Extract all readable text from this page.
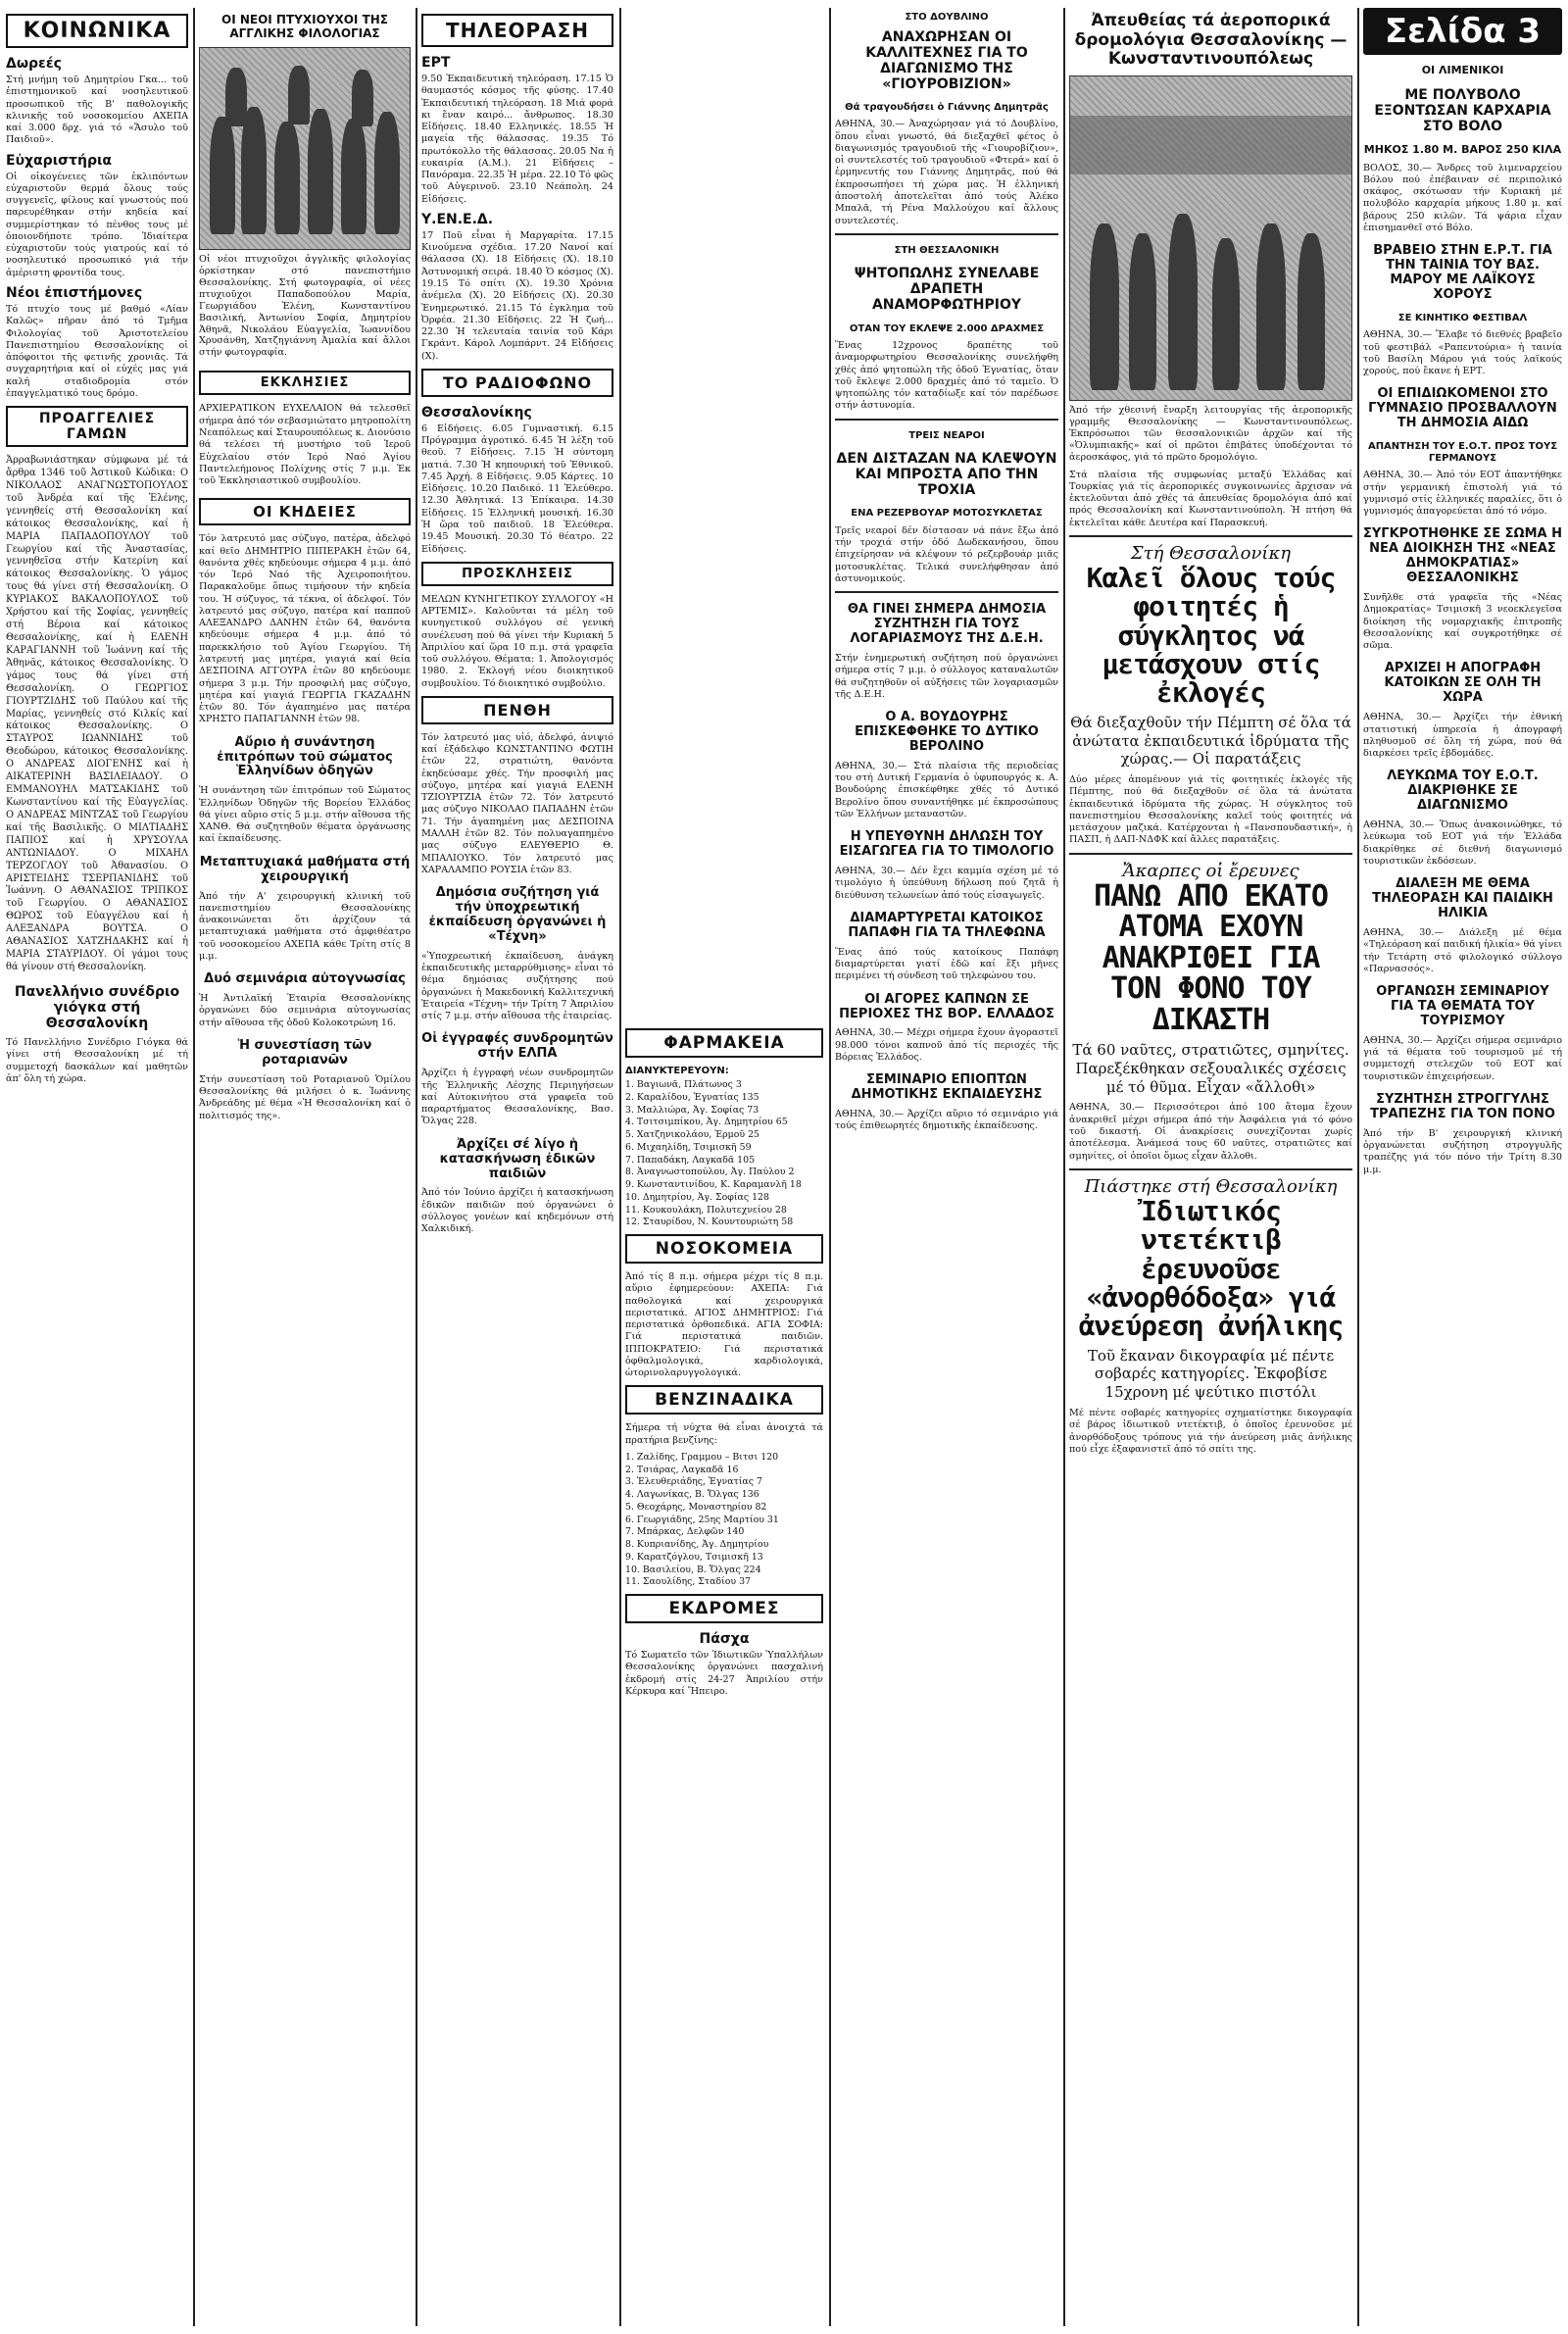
ΚΟΙΝΩΝΙΚΑ
Δωρεές

Στή μνήμη τοῦ Δημητρίου Γκα... τοῦ ἐπιστημονικοῦ καί νοσηλευτικοῦ προσωπικοῦ τῆς Β' παθολογικῆς κλινικῆς τοῦ νοσοκομείου ΑΧΕΠΑ καί 3.000 δρχ. γιά τό «Ἄσυλο τοῦ Παιδιοῦ».

Εὐχαριστήρια

Οἱ οἰκογένειες τῶν ἐκλιπόντων εὐχαριστοῦν θερμά ὅλους τούς συγγενεῖς, φίλους καί γνωστούς πού παρευρέθηκαν στήν κηδεία καί συμμερίστηκαν τό πένθος τους μέ ὁποιονδήποτε τρόπο. Ἰδιαίτερα εὐχαριστοῦν τούς γιατρούς καί τό νοσηλευτικό προσωπικό γιά τήν ἀμέριστη φροντίδα τους.

Νέοι ἐπιστήμονες

Τό πτυχίο τους μέ βαθμό «Λίαν Καλῶς» πῆραν ἀπό τό Τμῆμα Φιλολογίας τοῦ Ἀριστοτελείου Πανεπιστημίου Θεσσαλονίκης οἱ ἀπόφοιτοι τῆς φετινῆς χρονιᾶς. Τά συγχαρητήρια καί οἱ εὐχές μας γιά καλή σταδιοδρομία στόν ἐπαγγελματικό τους δρόμο.

ΠΡΟΑΓΓΕΛΙΕΣ ΓΑΜΩΝ

Ἀρραβωνιάστηκαν σύμφωνα μέ τά ἄρθρα 1346 τοῦ Ἀστικοῦ Κώδικα: Ο ΝΙΚΟΛΑΟΣ ΑΝΑΓΝΩΣΤΟΠΟΥΛΟΣ τοῦ Ἀνδρέα καί τῆς Ἑλένης, γεννηθείς στή Θεσσαλονίκη καί κάτοικος Θεσσαλονίκης, καί ἡ ΜΑΡΙΑ ΠΑΠΑΔΟΠΟΥΛΟΥ τοῦ Γεωργίου καί τῆς Ἀναστασίας, γεννηθεῖσα στήν Κατερίνη καί κάτοικος Θεσσαλονίκης. Ὁ γάμος τους θά γίνει στή Θεσσαλονίκη. Ο ΚΥΡΙΑΚΟΣ ΒΑΚΑΛΟΠΟΥΛΟΣ τοῦ Χρήστου καί τῆς Σοφίας, γεννηθείς στή Βέροια καί κάτοικος Θεσσαλονίκης, καί ἡ ΕΛΕΝΗ ΚΑΡΑΓΙΑΝΝΗ τοῦ Ἰωάννη καί τῆς Ἀθηνᾶς, κάτοικος Θεσσαλονίκης. Ὁ γάμος τους θά γίνει στή Θεσσαλονίκη. Ο ΓΕΩΡΓΙΟΣ ΓΙΟΥΡΤΖΙΔΗΣ τοῦ Παύλου καί τῆς Μαρίας, γεννηθείς στό Κιλκίς καί κάτοικος Θεσσαλονίκης. Ο ΣΤΑΥΡΟΣ ΙΩΑΝΝΙΔΗΣ τοῦ Θεοδώρου, κάτοικος Θεσσαλονίκης. Ο ΑΝΔΡΕΑΣ ΔΙΟΓΕΝΗΣ καί ἡ ΑΙΚΑΤΕΡΙΝΗ ΒΑΣΙΛΕΙΑΔΟΥ. Ο ΕΜΜΑΝΟΥΗΛ ΜΑΤΣΑΚΙΔΗΣ τοῦ Κωνσταντίνου καί τῆς Εὐαγγελίας. Ο ΑΝΔΡΕΑΣ ΜΙΝΤΖΑΣ τοῦ Γεωργίου καί τῆς Βασιλικῆς. Ο ΜΙΛΤΙΑΔΗΣ ΠΑΠΙΟΣ καί ἡ ΧΡΥΣΟΥΛΑ ΑΝΤΩΝΙΑΔΟΥ. Ο ΜΙΧΑΗΛ ΤΕΡΖΟΓΛΟΥ τοῦ Ἀθανασίου. Ο ΑΡΙΣΤΕΙΔΗΣ ΤΣΕΡΠΑΝΙΔΗΣ τοῦ Ἰωάννη. Ο ΑΘΑΝΑΣΙΟΣ ΤΡΙΠΚΟΣ τοῦ Γεωργίου. Ο ΑΘΑΝΑΣΙΟΣ ΘΩΡΟΣ τοῦ Εὐαγγέλου καί ἡ ΑΛΕΞΑΝΔΡΑ ΒΟΥΤΣΑ. Ο ΑΘΑΝΑΣΙΟΣ ΧΑΤΖΗΔΑΚΗΣ καί ἡ ΜΑΡΙΑ ΣΤΑΥΡΙΔΟΥ. Οἱ γάμοι τους θά γίνουν στή Θεσσαλονίκη.

Πανελλήνιο συνέδριο γιόγκα στή Θεσσαλονίκη

Τό Πανελλήνιο Συνέδριο Γιόγκα θά γίνει στή Θεσσαλονίκη μέ τή συμμετοχή δασκάλων καί μαθητῶν ἀπ' ὅλη τή χώρα.

ΟΙ ΝΕΟΙ ΠΤΥΧΙΟΥΧΟΙ ΤΗΣ ΑΓΓΛΙΚΗΣ ΦΙΛΟΛΟΓΙΑΣ

Οἱ νέοι πτυχιοῦχοι ἀγγλικῆς φιλολογίας ὁρκίστηκαν στό πανεπιστήμιο Θεσσαλονίκης. Στή φωτογραφία, οἱ νέες πτυχιοῦχοι Παπαδοπούλου Μαρία, Γεωργιάδου Ἑλένη, Κωνσταντίνου Βασιλική, Ἀντωνίου Σοφία, Δημητρίου Ἀθηνᾶ, Νικολάου Εὐαγγελία, Ἰωαννίδου Χρυσάνθη, Χατζηγιάννη Ἀμαλία καί ἄλλοι στήν φωτογραφία.

ΕΚΚΛΗΣΙΕΣ

ΑΡΧΙΕΡΑΤΙΚΟΝ ΕΥΧΕΛΑΙΟΝ θά τελεσθεῖ σήμερα ἀπό τόν σεβασμιώτατο μητροπολίτη Νεαπόλεως καί Σταυρουπόλεως κ. Διονύσιο θά τελέσει τή μυστήριο τοῦ Ἱεροῦ Εὐχελαίου στόν Ἱερό Ναό Ἁγίου Παντελεήμονος Πολίχνης στίς 7 μ.μ. Ἐκ τοῦ Ἐκκλησιαστικοῦ συμβουλίου.

ΟΙ ΚΗΔΕΙΕΣ

Τόν λατρευτό μας σύζυγο, πατέρα, ἀδελφό καί θεῖο ΔΗΜΗΤΡΙΟ ΠΙΠΕΡΑΚΗ ἐτῶν 64, θανόντα χθές κηδεύουμε σήμερα 4 μ.μ. ἀπό τόν Ἱερό Ναό τῆς Ἀχειροποιήτου. Παρακαλοῦμε ὅπως τιμήσουν τήν κηδεία του. Ἡ σύζυγος, τά τέκνα, οἱ ἀδελφοί. Τόν λατρευτό μας σύζυγο, πατέρα καί παπποῦ ΑΛΕΞΑΝΔΡΟ ΔΑΝΗΝ ἐτῶν 64, θανόντα κηδεύουμε σήμερα 4 μ.μ. ἀπό τό παρεκκλήσιο τοῦ Ἁγίου Γεωργίου. Τή λατρευτή μας μητέρα, γιαγιά καί θεία ΔΕΣΠΟΙΝΑ ΑΓΓΟΥΡΑ ἐτῶν 80 κηδεύουμε σήμερα 3 μ.μ. Τήν προσφιλή μας σύζυγο, μητέρα καί γιαγιά ΓΕΩΡΓΙΑ ΓΚΑΖΑΔΗΝ ἐτῶν 80. Τόν ἀγαπημένο μας πατέρα ΧΡΗΣΤΟ ΠΑΠΑΓΙΑΝΝΗ ἐτῶν 98.

Αὔριο ἡ συνάντηση ἐπιτρόπων τοῦ σώματος Ἑλληνίδων ὁδηγῶν

Ἡ συνάντηση τῶν ἐπιτρόπων τοῦ Σώματος Ἑλληνίδων Ὁδηγῶν τῆς Βορείου Ἑλλάδος θά γίνει αὔριο στίς 5 μ.μ. στήν αἴθουσα τῆς ΧΑΝΘ. Θά συζητηθοῦν θέματα ὀργάνωσης καί ἐκπαίδευσης.

Μεταπτυχιακά μαθήματα στή χειρουργική

Ἀπό τήν Α' χειρουργική κλινική τοῦ πανεπιστημίου Θεσσαλονίκης ἀνακοινώνεται ὅτι ἀρχίζουν τά μεταπτυχιακά μαθήματα στό ἀμφιθέατρο τοῦ νοσοκομείου ΑΧΕΠΑ κάθε Τρίτη στίς 8 μ.μ.

Δυό σεμινάρια αὐτογνωσίας

Ἡ Ἀντιλαϊκή Ἐταιρία Θεσσαλονίκης ὀργανώνει δύο σεμινάρια αὐτογνωσίας στήν αἴθουσα τῆς ὁδοῦ Κολοκοτρώνη 16.

Ἡ συνεστίαση τῶν ροταριανῶν

Στήν συνεστίαση τοῦ Ροταριανοῦ Ὁμίλου Θεσσαλονίκης θά μιλήσει ὁ κ. Ἰωάννης Ἀνδρεάδης μέ θέμα «Ἡ Θεσσαλονίκη καί ὁ πολιτισμός της».

ΤΗΛΕΟΡΑΣΗ
ΕΡΤ

9.50 Ἐκπαιδευτική τηλεόραση. 17.15 Ὁ θαυμαστός κόσμος τῆς φύσης. 17.40 Ἐκπαιδευτική τηλεόραση. 18 Μιά φορά κι ἕναν καιρό... ἄνθρωπος. 18.30 Εἰδήσεις. 18.40 Ελληνικές. 18.55 Ἡ μαγεία τῆς θάλασσας. 19.35 Τό πρωτόκολλο τῆς θάλασσας. 20.05 Να ἡ ευκαιρία (Α.Μ.). 21 Εἰδήσεις – Πανόραμα. 22.35 Ἡ μέρα. 22.10 Τό φῶς τοῦ Αὐγερινοῦ. 23.10 Νεάπολη. 24 Εἰδήσεις.

Υ.ΕΝ.Ε.Δ.

17 Ποῦ εἶναι ἡ Μαργαρίτα. 17.15 Κινούμενα σχέδια. 17.20 Νανοί καί θάλασσα (Χ). 18 Εἰδήσεις (Χ). 18.10 Ἀστυνομική σειρά. 18.40 Ὁ κόσμος (Χ). 19.15 Τό σπίτι (Χ). 19.30 Χρόνια ἀνέμελα (Χ). 20 Εἰδήσεις (Χ). 20.30 Ἐνημερωτικό. 21.15 Τό ἐγκλημα τοῦ Ὀρφέα. 21.30 Εἰδήσεις. 22 Ἡ ζωή... 22.30 Ἡ τελευταία ταινία τοῦ Κάρι Γκράντ. Κάρολ Λομπάρντ. 24 Εἰδήσεις (Χ).

ΤΟ ΡΑΔΙΟΦΩΝΟ
Θεσσαλονίκης

6 Εἰδήσεις. 6.05 Γυμναστική. 6.15 Πρόγραμμα ἀγροτικό. 6.45 Ἡ λέξη τοῦ θεοῦ. 7 Εἰδήσεις. 7.15 Ἡ σύντομη ματιά. 7.30 Ἡ κηπουρική τοῦ Ἐθνικοῦ. 7.45 Ἀρχή. 8 Εἰδήσεις. 9.05 Κάρτες. 10 Εἰδήσεις. 10.20 Παιδικό. 11 Ἐλεύθερο. 12.30 Ἀθλητικά. 13 Ἐπίκαιρα. 14.30 Εἰδήσεις. 15 Ἐλληνική μουσική. 16.30 Ἡ ὥρα τοῦ παιδιοῦ. 18 Ἐλεύθερα. 19.45 Μουσική. 20.30 Τό θέατρο. 22 Εἰδήσεις.

ΠΡΟΣΚΛΗΣΕΙΣ

ΜΕΛΩΝ ΚΥΝΗΓΕΤΙΚΟΥ ΣΥΛΛΟΓΟΥ «Η ΑΡΤΕΜΙΣ». Καλοῦνται τά μέλη τοῦ κυνηγετικοῦ συλλόγου σέ γενική συνέλευση πού θά γίνει τήν Κυριακή 5 Ἀπριλίου καί ὥρα 10 π.μ. στά γραφεῖα τοῦ συλλόγου. Θέματα: 1. Ἀπολογισμός 1980. 2. Ἐκλογή νέου διοικητικοῦ συμβουλίου. Τό διοικητικό συμβούλιο.

ΠΕΝΘΗ

Τόν λατρευτό μας υἱό, ἀδελφό, ἀνιψιό καί ἐξάδελφο ΚΩΝΣΤΑΝΤΙΝΟ ΦΩΤΙΗ ἐτῶν 22, στρατιώτη, θανόντα ἐκηδεύσαμε χθές. Τήν προσφιλή μας σύζυγο, μητέρα καί γιαγιά ΕΛΕΝΗ ΤΖΙΟΥΡΤΖΙΑ ἐτῶν 72. Τόν λατρευτό μας σύζυγο ΝΙΚΟΛΑΟ ΠΑΠΑΔΗΝ ἐτῶν 71. Τήν ἀγαπημένη μας ΔΕΣΠΟΙΝΑ ΜΑΛΛΗ ἐτῶν 82. Τόν πολυαγαπημένο μας σύζυγο ΕΛΕΥΘΕΡΙΟ Θ. ΜΠΑΛΙΟΥΚΟ. Τόν λατρευτό μας ΧΑΡΑΛΑΜΠΟ ΡΟΥΣΙΑ ἐτῶν 83.

Δημόσια συζήτηση γιά τήν ὑποχρεωτική ἐκπαίδευση ὀργανώνει ἡ «Τέχνη»

«Ὑποχρεωτική ἐκπαίδευση, ἀνάγκη ἐκπαιδευτικῆς μεταρρύθμισης» εἶναι τό θέμα δημόσιας συζήτησης πού ὀργανώνει ἡ Μακεδονική Καλλιτεχνική Ἑταιρεία «Τέχνη» τήν Τρίτη 7 Ἀπριλίου στίς 7 μ.μ. στήν αἴθουσα τῆς ἑταιρείας.

Οἱ ἐγγραφές συνδρομητῶν στήν ΕΛΠΑ

Ἀρχίζει ἡ ἐγγραφή νέων συνδρομητῶν τῆς Ἑλληνικῆς Λέσχης Περιηγήσεων καί Αὐτοκινήτου στά γραφεῖα τοῦ παραρτήματος Θεσσαλονίκης, Βασ. Ὄλγας 228.

Ἀρχίζει σέ λίγο ἡ κατασκήνωση ἐδικῶν παιδιῶν

Ἀπό τόν Ἰούνιο ἀρχίζει ἡ κατασκήνωση ἐδικῶν παιδιῶν πού ὀργανώνει ὁ σύλλογος γονέων καί κηδεμόνων στή Χαλκιδική.

ΦΑΡΜΑΚΕΙΑ
ΔΙΑΝΥΚΤΕΡΕΥΟΥΝ:
1. Βαγιωνᾶ, Πλάτωνος 3
2. Καραλίδου, Ἐγνατίας 135
3. Μαλλιώρα, Ἀγ. Σοφίας 73
4. Τσιτσιμπίκου, Ἀγ. Δημητρίου 65
5. Χατζηνικολάου, Ἑρμοῦ 25
6. Μιχαηλίδη, Τσιμισκῆ 59
7. Παπαδάκη, Λαγκαδᾶ 105
8. Ἀναγνωστοπούλου, Ἀγ. Παύλου 2
9. Κωνσταντινίδου, Κ. Καραμανλῆ 18
10. Δημητρίου, Ἀγ. Σοφίας 128
11. Κουκουλάκη, Πολυτεχνείου 28
12. Σταυρίδου, Ν. Κουντουριώτη 58
ΝΟΣΟΚΟΜΕΙΑ

Ἀπό τίς 8 π.μ. σήμερα μέχρι τίς 8 π.μ. αὔριο ἐφημερεύουν: ΑΧΕΠΑ: Γιά παθολογικά καί χειρουργικά περιστατικά. ΑΓΙΟΣ ΔΗΜΗΤΡΙΟΣ: Γιά περιστατικά ὀρθοπεδικά. ΑΓΙΑ ΣΟΦΙΑ: Γιά περιστατικά παιδιῶν. ΙΠΠΟΚΡΑΤΕΙΟ: Γιά περιστατικά ὀφθαλμολογικά, καρδιολογικά, ὠτορινολαρυγγολογικά.

ΒΕΝΖΙΝΑΔΙΚΑ

Σήμερα τή νύχτα θά εἶναι ἀνοιχτά τά πρατήρια βενζίνης:

1. Ζαλίδης, Γραμμου – Βιτσι 120
2. Τσιάρας, Λαγκαδᾶ 16
3. Ἐλευθεριάδης, Ἐγνατίας 7
4. Λαγωνίκας, Β. Ὄλγας 136
5. Θεοχάρης, Μοναστηρίου 82
6. Γεωργιάδης, 25ης Μαρτίου 31
7. Μπάρκας, Δελφῶν 140
8. Κυπριανίδης, Ἀγ. Δημητρίου
9. Καρατζόγλου, Τσιμισκῆ 13
10. Βασιλείου, Β. Ὄλγας 224
11. Σαουλίδης, Σταδίου 37
ΕΚΔΡΟΜΕΣ
Πάσχα

Τό Σωματεῖο τῶν Ἰδιωτικῶν Ὑπαλλήλων Θεσσαλονίκης ὀργανώνει πασχαλινή ἐκδρομή στίς 24-27 Ἀπριλίου στήν Κέρκυρα καί Ἤπειρο.

ΣΤΟ ΔΟΥΒΛΙΝΟ
ΑΝΑΧΩΡΗΣΑΝ ΟΙ ΚΑΛΛΙΤΕΧΝΕΣ ΓΙΑ ΤΟ ΔΙΑΓΩΝΙΣΜΟ ΤΗΣ «ΓΙΟΥΡΟΒΙΖΙΟΝ»
Θά τραγουδήσει ὁ Γιάννης Δημητρᾶς

ΑΘΗΝΑ, 30.— Ἀναχώρησαν γιά τό Δουβλίνο, ὅπου εἶναι γνωστό, θά διεξαχθεῖ φέτος ὁ διαγωνισμός τραγουδιοῦ τῆς «Γιουροβίζιον», οἱ συντελεστές τοῦ τραγουδιοῦ «Φτερά» καί ὁ ἑρμηνευτής του Γιάννης Δημητρᾶς, πού θά ἐκπροσωπήσει τή χώρα μας. Ἡ ἑλληνική ἀποστολή ἀποτελεῖται ἀπό τούς Ἀλέκο Μπαλᾶ, τή Ρένα Μαλλούχου καί ἄλλους συντελεστές.

ΣΤΗ ΘΕΣΣΑΛΟΝΙΚΗ
ΨΗΤΟΠΩΛΗΣ ΣΥΝΕΛΑΒΕ ΔΡΑΠΕΤΗ ΑΝΑΜΟΡΦΩΤΗΡΙΟΥ
ΟΤΑΝ ΤΟΥ ΕΚΛΕΨΕ 2.000 ΔΡΑΧΜΕΣ

Ἕνας 12χρονος δραπέτης τοῦ ἀναμορφωτηρίου Θεσσαλονίκης συνελήφθη χθές ἀπό ψητοπώλη τῆς ὁδοῦ Ἐγνατίας, ὅταν τοῦ ἔκλεψε 2.000 δραχμές ἀπό τό ταμεῖο. Ὁ ψητοπώλης τόν καταδίωξε καί τόν παρέδωσε στήν ἀστυνομία.

ΤΡΕΙΣ ΝΕΑΡΟΙ
ΔΕΝ ΔΙΣΤΑΖΑΝ ΝΑ ΚΛΕΨΟΥΝ ΚΑΙ ΜΠΡΟΣΤΑ ΑΠΟ ΤΗΝ ΤΡΟΧΙΑ
ΕΝΑ ΡΕΖΕΡΒΟΥΑΡ ΜΟΤΟΣΥΚΛΕΤΑΣ

Τρεῖς νεαροί δέν δίστασαν νά πάνε ἔξω ἀπό τήν τροχιά στήν ὁδό Δωδεκανήσου, ὅπου ἐπιχείρησαν νά κλέψουν τό ρεζερβουάρ μιᾶς μοτοσυκλέτας. Τελικά συνελήφθησαν ἀπό ἀστυνομικούς.

ΘΑ ΓΙΝΕΙ ΣΗΜΕΡΑ ΔΗΜΟΣΙΑ ΣΥΖΗΤΗΣΗ ΓΙΑ ΤΟΥΣ ΛΟΓΑΡΙΑΣΜΟΥΣ ΤΗΣ Δ.Ε.Η.

Στήν ἐνημερωτική συζήτηση πού ὀργανώνει σήμερα στίς 7 μ.μ. ὁ σύλλογος καταναλωτῶν θά συζητηθοῦν οἱ αὐξήσεις τῶν λογαριασμῶν τῆς Δ.Ε.Η.

Ο Α. ΒΟΥΔΟΥΡΗΣ ΕΠΙΣΚΕΦΘΗΚΕ ΤΟ ΔΥΤΙΚΟ ΒΕΡΟΛΙΝΟ

ΑΘΗΝΑ, 30.— Στά πλαίσια τῆς περιοδείας του στή Δυτική Γερμανία ὁ ὑφυπουργός κ. Α. Βουδούρης ἐπισκέφθηκε χθές τό Δυτικό Βερολίνο ὅπου συναντήθηκε μέ ἐκπροσώπους τῶν Ἑλλήνων μεταναστῶν.

Η ΥΠΕΥΘΥΝΗ ΔΗΛΩΣΗ ΤΟΥ ΕΙΣΑΓΩΓΕΑ ΓΙΑ ΤΟ ΤΙΜΟΛΟΓΙΟ

ΑΘΗΝΑ, 30.— Δέν ἔχει καμμία σχέση μέ τό τιμολόγιο ἡ ὑπεύθυνη δήλωση πού ζητᾶ ἡ διεύθυνση τελωνείων ἀπό τούς εἰσαγωγεῖς.

ΔΙΑΜΑΡΤΥΡΕΤΑΙ ΚΑΤΟΙΚΟΣ ΠΑΠΑΦΗ ΓΙΑ ΤΑ ΤΗΛΕΦΩΝΑ

Ἕνας ἀπό τούς κατοίκους Παπάφη διαμαρτύρεται γιατί ἐδῶ καί ἕξι μῆνες περιμένει τή σύνδεση τοῦ τηλεφώνου του.

ΟΙ ΑΓΟΡΕΣ ΚΑΠΝΩΝ ΣΕ ΠΕΡΙΟΧΕΣ ΤΗΣ ΒΟΡ. ΕΛΛΑΔΟΣ

ΑΘΗΝΑ, 30.— Μέχρι σήμερα ἔχουν ἀγοραστεῖ 98.000 τόνοι καπνοῦ ἀπό τίς περιοχές τῆς Βόρειας Ἑλλάδος.

ΣΕΜΙΝΑΡΙΟ ΕΠΙΟΠΤΩΝ ΔΗΜΟΤΙΚΗΣ ΕΚΠΑΙΔΕΥΣΗΣ

ΑΘΗΝΑ, 30.— Ἀρχίζει αὔριο τό σεμινάριο γιά τούς ἐπιθεωρητές δημοτικῆς ἐκπαίδευσης.

Ἀπευθείας τά ἀεροπορικά δρομολόγια Θεσσαλονίκης — Κωνσταντινουπόλεως

Ἀπό τήν χθεσινή ἔναρξη λειτουργίας τῆς ἀεροπορικῆς γραμμῆς Θεσσαλονίκης — Κωνσταντινουπόλεως. Ἐκπρόσωποι τῶν θεσσαλονικιῶν ἀρχῶν καί τῆς «Ὀλυμπιακῆς» καί οἱ πρῶτοι ἐπιβάτες ὑποδέχονται τό ἀεροσκάφος, γιά τό πρῶτο δρομολόγιο.

Στά πλαίσια τῆς συμφωνίας μεταξύ Ἑλλάδας καί Τουρκίας γιά τίς ἀεροπορικές συγκοινωνίες ἄρχισαν νά ἐκτελοῦνται ἀπό χθές τά ἀπευθείας δρομολόγια ἀπό καί πρός Θεσσαλονίκη καί Κωνσταντινούπολη. Ἡ πτήση θά ἐκτελεῖται κάθε Δευτέρα καί Παρασκευή.

Στή Θεσσαλονίκη
Καλεῖ ὅλους τούς φοιτητές ἡ σύγκλητος νά μετάσχουν στίς ἐκλογές
Θά διεξαχθοῦν τήν Πέμπτη σέ ὅλα τά ἀνώτατα ἐκπαιδευτικά ἱδρύματα τῆς χώρας.— Οἱ παρατάξεις

Δύο μέρες ἀπομένουν γιά τίς φοιτητικές ἐκλογές τῆς Πέμπτης, πού θά διεξαχθοῦν σέ ὅλα τά ἀνώτατα ἐκπαιδευτικά ἱδρύματα τῆς χώρας. Ἡ σύγκλητος τοῦ πανεπιστημίου Θεσσαλονίκης καλεῖ τούς φοιτητές νά μετάσχουν μαζικά. Κατέρχονται ἡ «Πανσπουδαστική», ἡ ΠΑΣΠ, ἡ ΔΑΠ-ΝΔΦΚ καί ἄλλες παρατάξεις.

Ἄκαρπες οἱ ἔρευνες
ΠΑΝΩ ΑΠΟ ΕΚΑΤΟ ΑΤΟΜΑ ΕΧΟΥΝ ΑΝΑΚΡΙΘΕΙ ΓΙΑ ΤΟΝ ΦΟΝΟ ΤΟΥ ΔΙΚΑΣΤΗ
Τά 60 ναῦτες, στρατιῶτες, σμηνίτες. Παρεξέκθηκαν σεξουαλικές σχέσεις μέ τό θῦμα. Εἶχαν «ἄλλοθι»

ΑΘΗΝΑ, 30.— Περισσότεροι ἀπό 100 ἄτομα ἔχουν ἀνακριθεῖ μέχρι σήμερα ἀπό τήν Ἀσφάλεια γιά τό φόνο τοῦ δικαστή. Οἱ ἀνακρίσεις συνεχίζονται χωρίς ἀποτέλεσμα. Ἀνάμεσά τους 60 ναῦτες, στρατιῶτες καί σμηνίτες, οἱ ὁποῖοι ὅμως εἶχαν ἄλλοθι.

Πιάστηκε στή Θεσσαλονίκη
Ἰδιωτικός ντετέκτιβ ἐρευνοῦσε «ἀνορθόδοξα» γιά ἀνεύρεση ἀνήλικης
Τοῦ ἔκαναν δικογραφία μέ πέντε σοβαρές κατηγορίες. Ἐκφοβίσε 15χρονη μέ ψεύτικο πιστόλι

Μέ πέντε σοβαρές κατηγορίες σχηματίστηκε δικογραφία σέ βάρος ἰδιωτικοῦ ντετέκτιβ, ὁ ὁποῖος ἐρευνοῦσε μέ ἀνορθόδοξους τρόπους γιά τήν ἀνεύρεση μιᾶς ἀνήλικης πού εἶχε ἐξαφανιστεῖ ἀπό τό σπίτι της.

Σελίδα 3
ΟΙ ΛΙΜΕΝΙΚΟΙ
ΜΕ ΠΟΛΥΒΟΛΟ ΕΞΟΝΤΩΣΑΝ ΚΑΡΧΑΡΙΑ ΣΤΟ ΒΟΛΟ
ΜΗΚΟΣ 1.80 Μ. ΒΑΡΟΣ 250 ΚΙΛΑ

ΒΟΛΟΣ, 30.— Ἄνδρες τοῦ λιμεναρχείου Βόλου πού ἐπέβαιναν σέ περιπολικό σκάφος, σκότωσαν τήν Κυριακή μέ πολυβόλο καρχαρία μήκους 1.80 μ. καί βάρους 250 κιλῶν. Τά ψάρια εἶχαν ἐπισημανθεῖ στό Βόλο.

ΒΡΑΒΕΙΟ ΣΤΗΝ Ε.Ρ.Τ. ΓΙΑ ΤΗΝ ΤΑΙΝΙΑ ΤΟΥ ΒΑΣ. ΜΑΡΟΥ ΜΕ ΛΑΪΚΟΥΣ ΧΟΡΟΥΣ
ΣΕ ΚΙΝΗΤΙΚΟ ΦΕΣΤΙΒΑΛ

ΑΘΗΝΑ, 30.— Ἔλαβε τό διεθνές βραβεῖο τοῦ φεστιβάλ «Ραπεντούρια» ἡ ταινία τοῦ Βασίλη Μάρου γιά τούς λαϊκούς χορούς, πού ἔκανε ἡ ΕΡΤ.

ΟΙ ΕΠΙΔΙΩΚΟΜΕΝΟΙ ΣΤΟ ΓΥΜΝΑΣΙΟ ΠΡΟΣΒΑΛΛΟΥΝ ΤΗ ΔΗΜΟΣΙΑ ΑΙΔΩ
ΑΠΑΝΤΗΣΗ ΤΟΥ Ε.Ο.Τ. ΠΡΟΣ ΤΟΥΣ ΓΕΡΜΑΝΟΥΣ

ΑΘΗΝΑ, 30.— Ἀπό τόν ΕΟΤ ἀπαντήθηκε στήν γερμανική ἐπιστολή γιά τό γυμνισμό στίς ἑλληνικές παραλίες, ὅτι ὁ γυμνισμός ἀπαγορεύεται ἀπό τό νόμο.

ΣΥΓΚΡΟΤΗΘΗΚΕ ΣΕ ΣΩΜΑ Η ΝΕΑ ΔΙΟΙΚΗΣΗ ΤΗΣ «ΝΕΑΣ ΔΗΜΟΚΡΑΤΙΑΣ» ΘΕΣΣΑΛΟΝΙΚΗΣ

Συνῆλθε στά γραφεῖα τῆς «Νέας Δημοκρατίας» Τσιμισκῆ 3 νεοεκλεγεῖσα διοίκηση τῆς νομαρχιακῆς ἐπιτροπῆς Θεσσαλονίκης καί συγκροτήθηκε σέ σῶμα.

ΑΡΧΙΖΕΙ Η ΑΠΟΓΡΑΦΗ ΚΑΤΟΙΚΩΝ ΣΕ ΟΛΗ ΤΗ ΧΩΡΑ

ΑΘΗΝΑ, 30.— Ἀρχίζει τήν ἐθνική στατιστική ὑπηρεσία ἡ ἀπογραφή πληθυσμοῦ σέ ὅλη τή χώρα, πού θά διαρκέσει τρεῖς ἑβδομάδες.

ΛΕΥΚΩΜΑ ΤΟΥ Ε.Ο.Τ. ΔΙΑΚΡΙΘΗΚΕ ΣΕ ΔΙΑΓΩΝΙΣΜΟ

ΑΘΗΝΑ, 30.— Ὅπως ἀνακοινώθηκε, τό λεύκωμα τοῦ ΕΟΤ γιά τήν Ἑλλάδα διακρίθηκε σέ διεθνή διαγωνισμό τουριστικῶν ἐκδόσεων.

ΔΙΑΛΕΞΗ ΜΕ ΘΕΜΑ ΤΗΛΕΟΡΑΣΗ ΚΑΙ ΠΑΙΔΙΚΗ ΗΛΙΚΙΑ

ΑΘΗΝΑ, 30.— Διάλεξη μέ θέμα «Τηλεόραση καί παιδική ἡλικία» θά γίνει τήν Τετάρτη στό φιλολογικό σύλλογο «Παρνασσός».

ΟΡΓΑΝΩΣΗ ΣΕΜΙΝΑΡΙΟΥ ΓΙΑ ΤΑ ΘΕΜΑΤΑ ΤΟΥ ΤΟΥΡΙΣΜΟΥ

ΑΘΗΝΑ, 30.— Ἀρχίζει σήμερα σεμινάριο γιά τά θέματα τοῦ τουρισμοῦ μέ τή συμμετοχή στελεχῶν τοῦ ΕΟΤ καί τουριστικῶν ἐπιχειρήσεων.

ΣΥΖΗΤΗΣΗ ΣΤΡΟΓΓΥΛΗΣ ΤΡΑΠΕΖΗΣ ΓΙΑ ΤΟΝ ΠΟΝΟ

Ἀπό τήν Β' χειρουργική κλινική ὀργανώνεται συζήτηση στρογγυλῆς τραπέζης γιά τόν πόνο τήν Τρίτη 8.30 μ.μ.
